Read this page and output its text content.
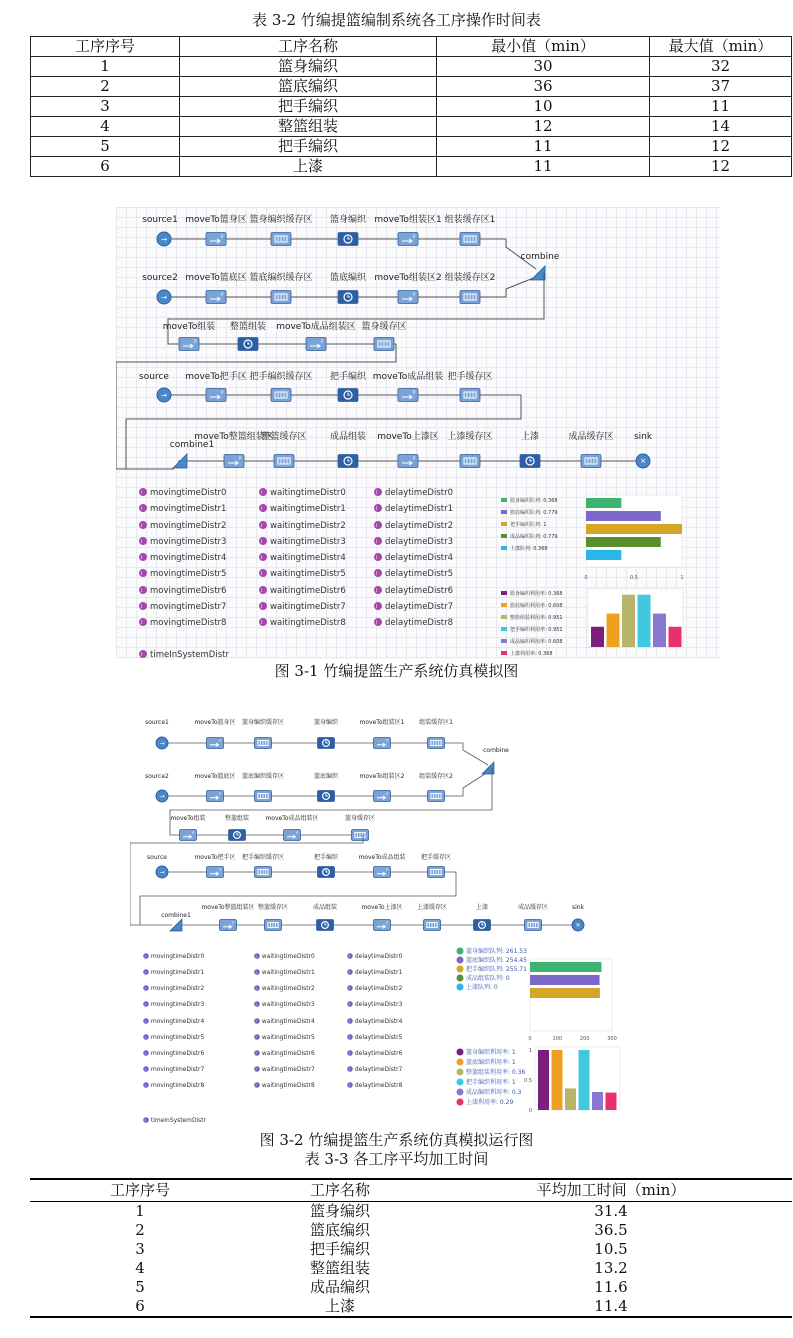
表 3-2 竹编提篮编制系统各工序操作时间表
工序序号	工序名称	最小值（min）	最大值（min）
1	篮身编织	30	32
2	篮底编织	36	37
3	把手编织	10	11
4	整篮组装	12	14
5	把手编织	11	12
6	上漆	11	12
→
source1
P
moveTo篮身区 篮身编织缓存区 篮身编织
P
moveTo组装区1 组装缓存区1
→
source2
P
moveTo篮底区 篮底编织缓存区 篮底编织
P
moveTo组装区2 组装缓存区2
combine
P
moveTo组装 整篮组装
P
moveTo成品组装区 篮身缓存区
→
source
P
moveTo把手区 把手编织缓存区 把手编织
P
moveTo成品组装 把手缓存区
combine1
P
moveTo整篮组装区
整篮缓存区	成品组装
P
moveTo上漆区 上漆缓存区	上漆	成品缓存区
✕
sink
ⅰ movingtimeDistr0
ⅰ movingtimeDistr1
ⅰ movingtimeDistr2
ⅰ movingtimeDistr3
ⅰ movingtimeDistr4
ⅰ movingtimeDistr5
ⅰ movingtimeDistr6
ⅰ movingtimeDistr7
ⅰ movingtimeDistr8
ⅰ waitingtimeDistr0
ⅰ waitingtimeDistr1
ⅰ waitingtimeDistr2
ⅰ waitingtimeDistr3
ⅰ waitingtimeDistr4
ⅰ waitingtimeDistr5
ⅰ waitingtimeDistr6
ⅰ waitingtimeDistr7
ⅰ waitingtimeDistr8
ⅰ delaytimeDistr0
ⅰ delaytimeDistr1
ⅰ delaytimeDistr2
ⅰ delaytimeDistr3
ⅰ delaytimeDistr4
ⅰ delaytimeDistr5
ⅰ delaytimeDistr6
ⅰ delaytimeDistr7
ⅰ delaytimeDistr8
ⅰ timeInSystemDistr
篮身编织队列: 0.368
篮底编织队列: 0.779
把手编织队列: 1
成品编织队列: 0.779
上漆队列: 0.368
0	0.5	1
篮身编织利用率: 0.368
篮底编织利用率: 0.608
整篮组装利用率: 0.951
把手编织利用率: 0.951
成品编织利用率: 0.608
上漆利用率: 0.368
图 3-1 竹编提篮生产系统仿真模拟图
→
source1
P
moveTo篮身区 篮身编织缓存区	篮身编织
P
moveTo组装区1 组装缓存区1
→
source2
P
moveTo篮底区 篮底编织缓存区	篮底编织
P
moveTo组装区2 组装缓存区2
combine
P
moveTo组装	整篮组装
P
moveTo成品组装区	篮身缓存区
→
source
P
moveTo把手区 把手编织缓存区	把手编织
P
moveTo成品组装	把手缓存区
combine1
P
moveTo整篮组装区 整篮缓存区	成品组装
P
moveTo上漆区 上漆缓存区	上漆	成品缓存区
✕
sink
ⅰ movingtimeDistr0
ⅰ movingtimeDistr1
ⅰ movingtimeDistr2
ⅰ movingtimeDistr3
ⅰ movingtimeDistr4
ⅰ movingtimeDistr5
ⅰ movingtimeDistr6
ⅰ movingtimeDistr7
ⅰ movingtimeDistr8
ⅰ waitingtimeDistr0
ⅰ waitingtimeDistr1
ⅰ waitingtimeDistr2
ⅰ waitingtimeDistr3
ⅰ waitingtimeDistr4
ⅰ waitingtimeDistr5
ⅰ waitingtimeDistr6
ⅰ waitingtimeDistr7
ⅰ waitingtimeDistr8
ⅰ delaytimeDistr0
ⅰ delaytimeDistr1
ⅰ delaytimeDistr2
ⅰ delaytimeDistr3
ⅰ delaytimeDistr4
ⅰ delaytimeDistr5
ⅰ delaytimeDistr6
ⅰ delaytimeDistr7
ⅰ delaytimeDistr8
ⅰ timeInSystemDistr
篮身编织队列: 261.53
篮底编织队列: 254.45
把手编织队列: 255.71
成品组装队列: 0
上漆队列: 0
0	100	200	300
篮身编织利用率: 1
篮底编织利用率: 1
整篮组装利用率: 0.36
把手编织利用率: 1
成品编织利用率: 0.3
上漆利用率: 0.29
0
0.5
1
图 3-2 竹编提篮生产系统仿真模拟运行图
表 3-3 各工序平均加工时间
工序序号	工序名称	平均加工时间（min）
1	篮身编织	31.4
2	篮底编织	36.5
3	把手编织	10.5
4	整篮组装	13.2
5	成品编织	11.6
6	上漆	11.4
